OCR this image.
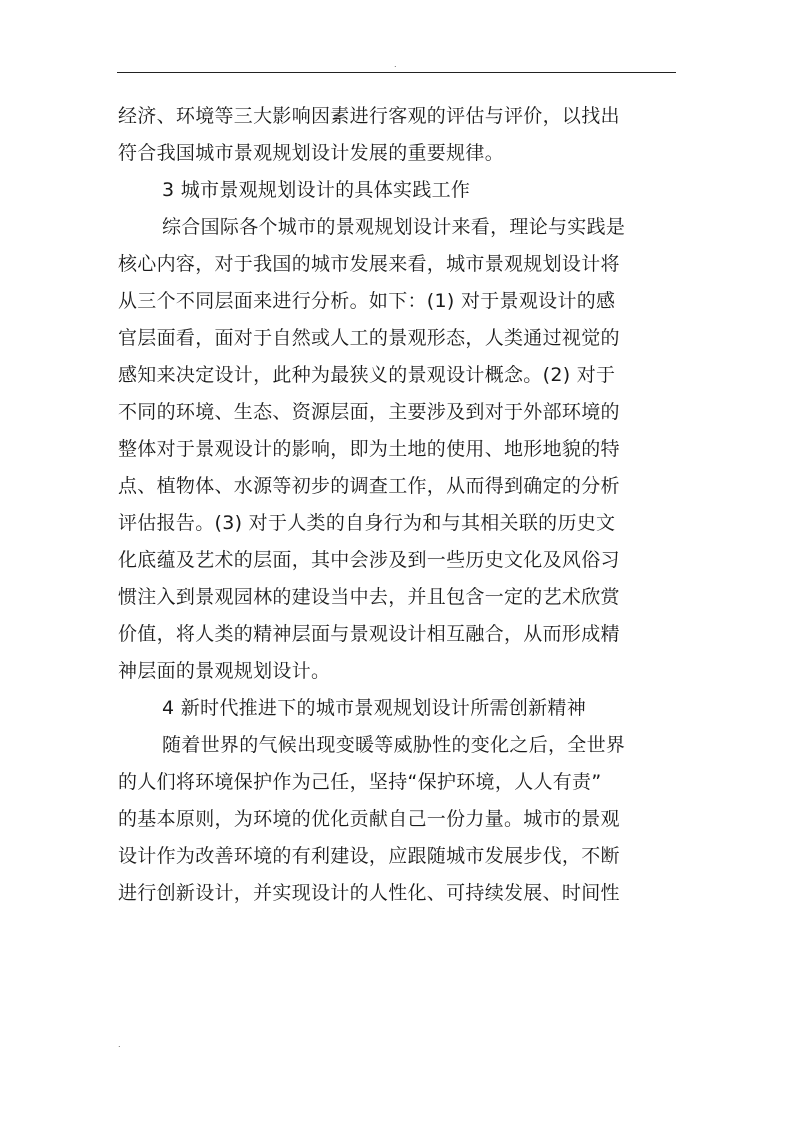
.
经济、环境等三大影响因素进行客观的评估与评价，以找出
符合我国城市景观规划设计发展的重要规律。
3 城市景观规划设计的具体实践工作
综合国际各个城市的景观规划设计来看，理论与实践是
核心内容，对于我国的城市发展来看，城市景观规划设计将
从三个不同层面来进行分析。如下：(1) 对于景观设计的感
官层面看，面对于自然或人工的景观形态，人类通过视觉的
感知来决定设计，此种为最狭义的景观设计概念。(2) 对于
不同的环境、生态、资源层面，主要涉及到对于外部环境的
整体对于景观设计的影响，即为土地的使用、地形地貌的特
点、植物体、水源等初步的调查工作，从而得到确定的分析
评估报告。(3) 对于人类的自身行为和与其相关联的历史文
化底蕴及艺术的层面，其中会涉及到一些历史文化及风俗习
惯注入到景观园林的建设当中去，并且包含一定的艺术欣赏
价值，将人类的精神层面与景观设计相互融合，从而形成精
神层面的景观规划设计。
4 新时代推进下的城市景观规划设计所需创新精神
随着世界的气候出现变暖等威胁性的变化之后，全世界
的人们将环境保护作为己任，坚持“保护环境，人人有责”
的基本原则，为环境的优化贡献自己一份力量。城市的景观
设计作为改善环境的有利建设，应跟随城市发展步伐，不断
进行创新设计，并实现设计的人性化、可持续发展、时间性
.
